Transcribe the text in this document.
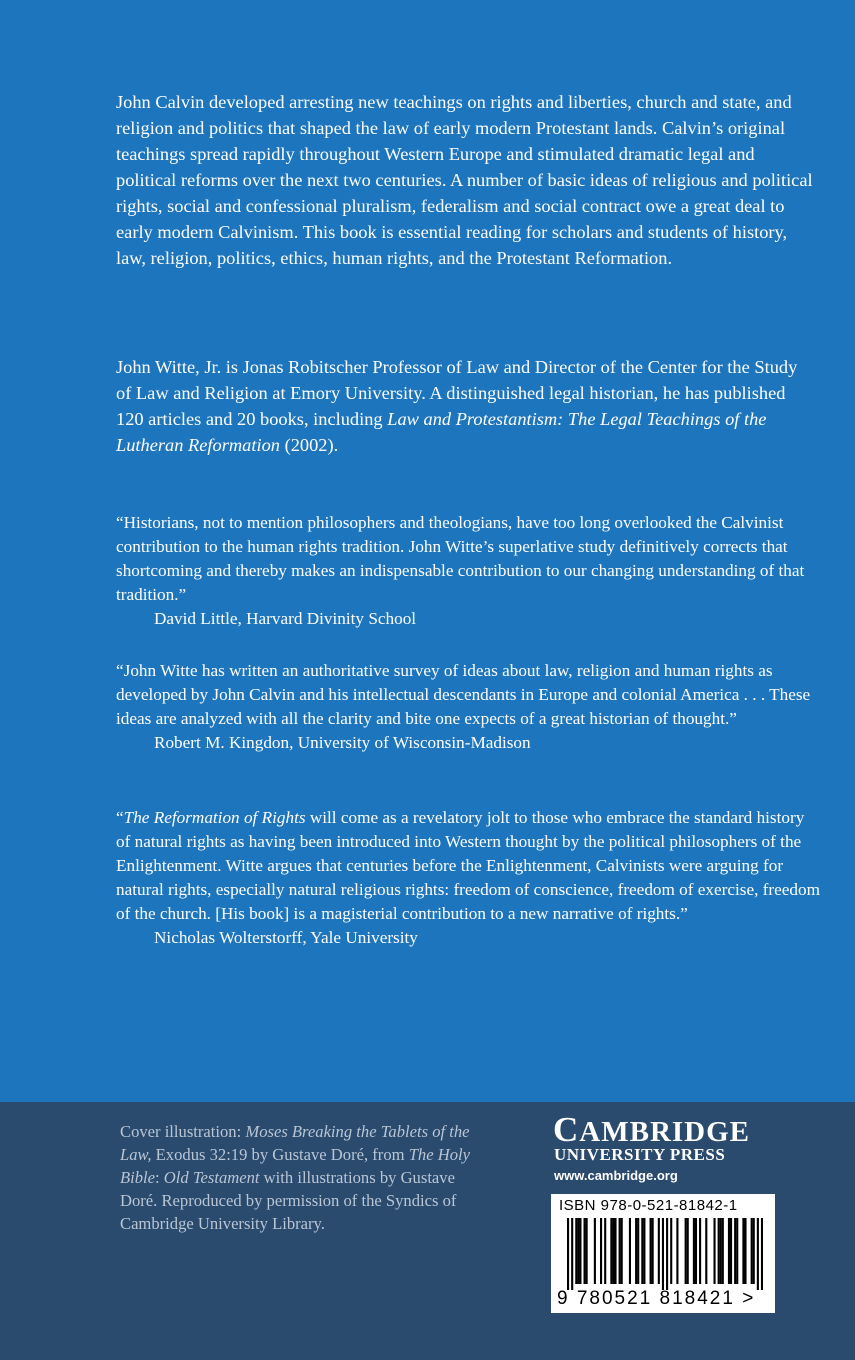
John Calvin developed arresting new teachings on rights and liberties, church and state, and religion and politics that shaped the law of early modern Protestant lands. Calvin’s original teachings spread rapidly throughout Western Europe and stimulated dramatic legal and political reforms over the next two centuries. A number of basic ideas of religious and political rights, social and confessional pluralism, federalism and social contract owe a great deal to early modern Calvinism. This book is essential reading for scholars and students of history, law, religion, politics, ethics, human rights, and the Protestant Reformation.

John Witte, Jr. is Jonas Robitscher Professor of Law and Director of the Center for the Study of Law and Religion at Emory University. A distinguished legal historian, he has published 120 articles and 20 books, including Law and Protestantism: The Legal Teachings of the Lutheran Reformation (2002).

“Historians, not to mention philosophers and theologians, have too long overlooked the Calvinist contribution to the human rights tradition. John Witte’s superlative study definitively corrects that shortcoming and thereby makes an indispensable contribution to our changing understanding of that tradition.”
David Little, Harvard Divinity School

“John Witte has written an authoritative survey of ideas about law, religion and human rights as developed by John Calvin and his intellectual descendants in Europe and colonial America . . . These ideas are analyzed with all the clarity and bite one expects of a great historian of thought.”
Robert M. Kingdon, University of Wisconsin-Madison

“The Reformation of Rights will come as a revelatory jolt to those who embrace the standard history of natural rights as having been introduced into Western thought by the political philosophers of the Enlightenment. Witte argues that centuries before the Enlightenment, Calvinists were arguing for natural rights, especially natural religious rights: freedom of conscience, freedom of exercise, freedom of the church. [His book] is a magisterial contribution to a new narrative of rights.”
Nicholas Wolterstorff, Yale University

Cover illustration: Moses Breaking the Tablets of the Law, Exodus 32:19 by Gustave Doré, from The Holy Bible: Old Testament with illustrations by Gustave Doré. Reproduced by permission of the Syndics of Cambridge University Library.

CAMBRIDGE
UNIVERSITY PRESS
www.cambridge.org
ISBN 978-0-521-81842-1
9 780521 818421 >
